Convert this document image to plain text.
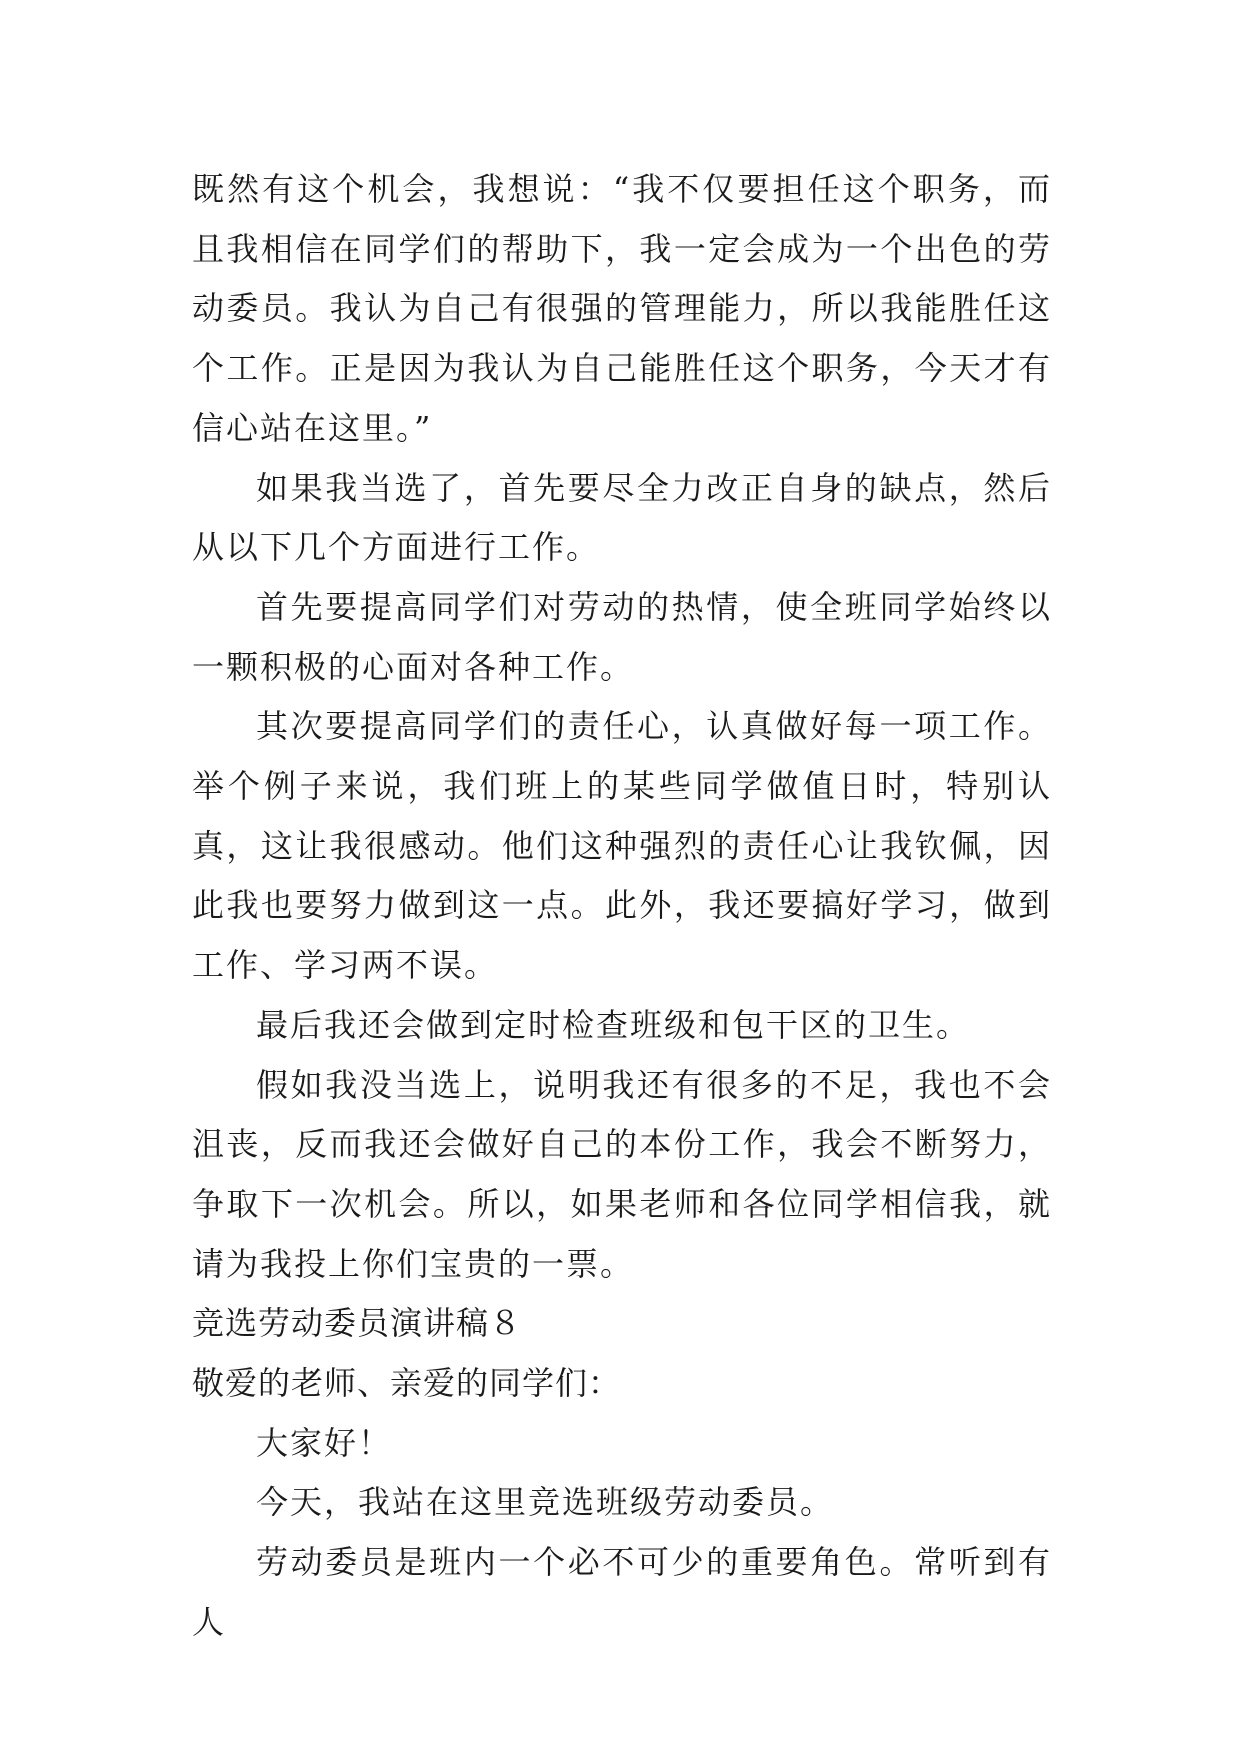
既然有这个机会，我想说：“我不仅要担任这个职务，而且我相信在同学们的帮助下，我一定会成为一个出色的劳动委员。我认为自己有很强的管理能力，所以我能胜任这个工作。正是因为我认为自己能胜任这个职务，今天才有信心站在这里。”

如果我当选了，首先要尽全力改正自身的缺点，然后从以下几个方面进行工作。

首先要提高同学们对劳动的热情，使全班同学始终以一颗积极的心面对各种工作。

其次要提高同学们的责任心，认真做好每一项工作。举个例子来说，我们班上的某些同学做值日时，特别认真，这让我很感动。他们这种强烈的责任心让我钦佩，因此我也要努力做到这一点。此外，我还要搞好学习，做到工作、学习两不误。

最后我还会做到定时检查班级和包干区的卫生。

假如我没当选上，说明我还有很多的不足，我也不会沮丧，反而我还会做好自己的本份工作，我会不断努力，争取下一次机会。所以，如果老师和各位同学相信我，就请为我投上你们宝贵的一票。

竞选劳动委员演讲稿８

敬爱的老师、亲爱的同学们：

大家好！

今天，我站在这里竞选班级劳动委员。

劳动委员是班内一个必不可少的重要角色。常听到有人
